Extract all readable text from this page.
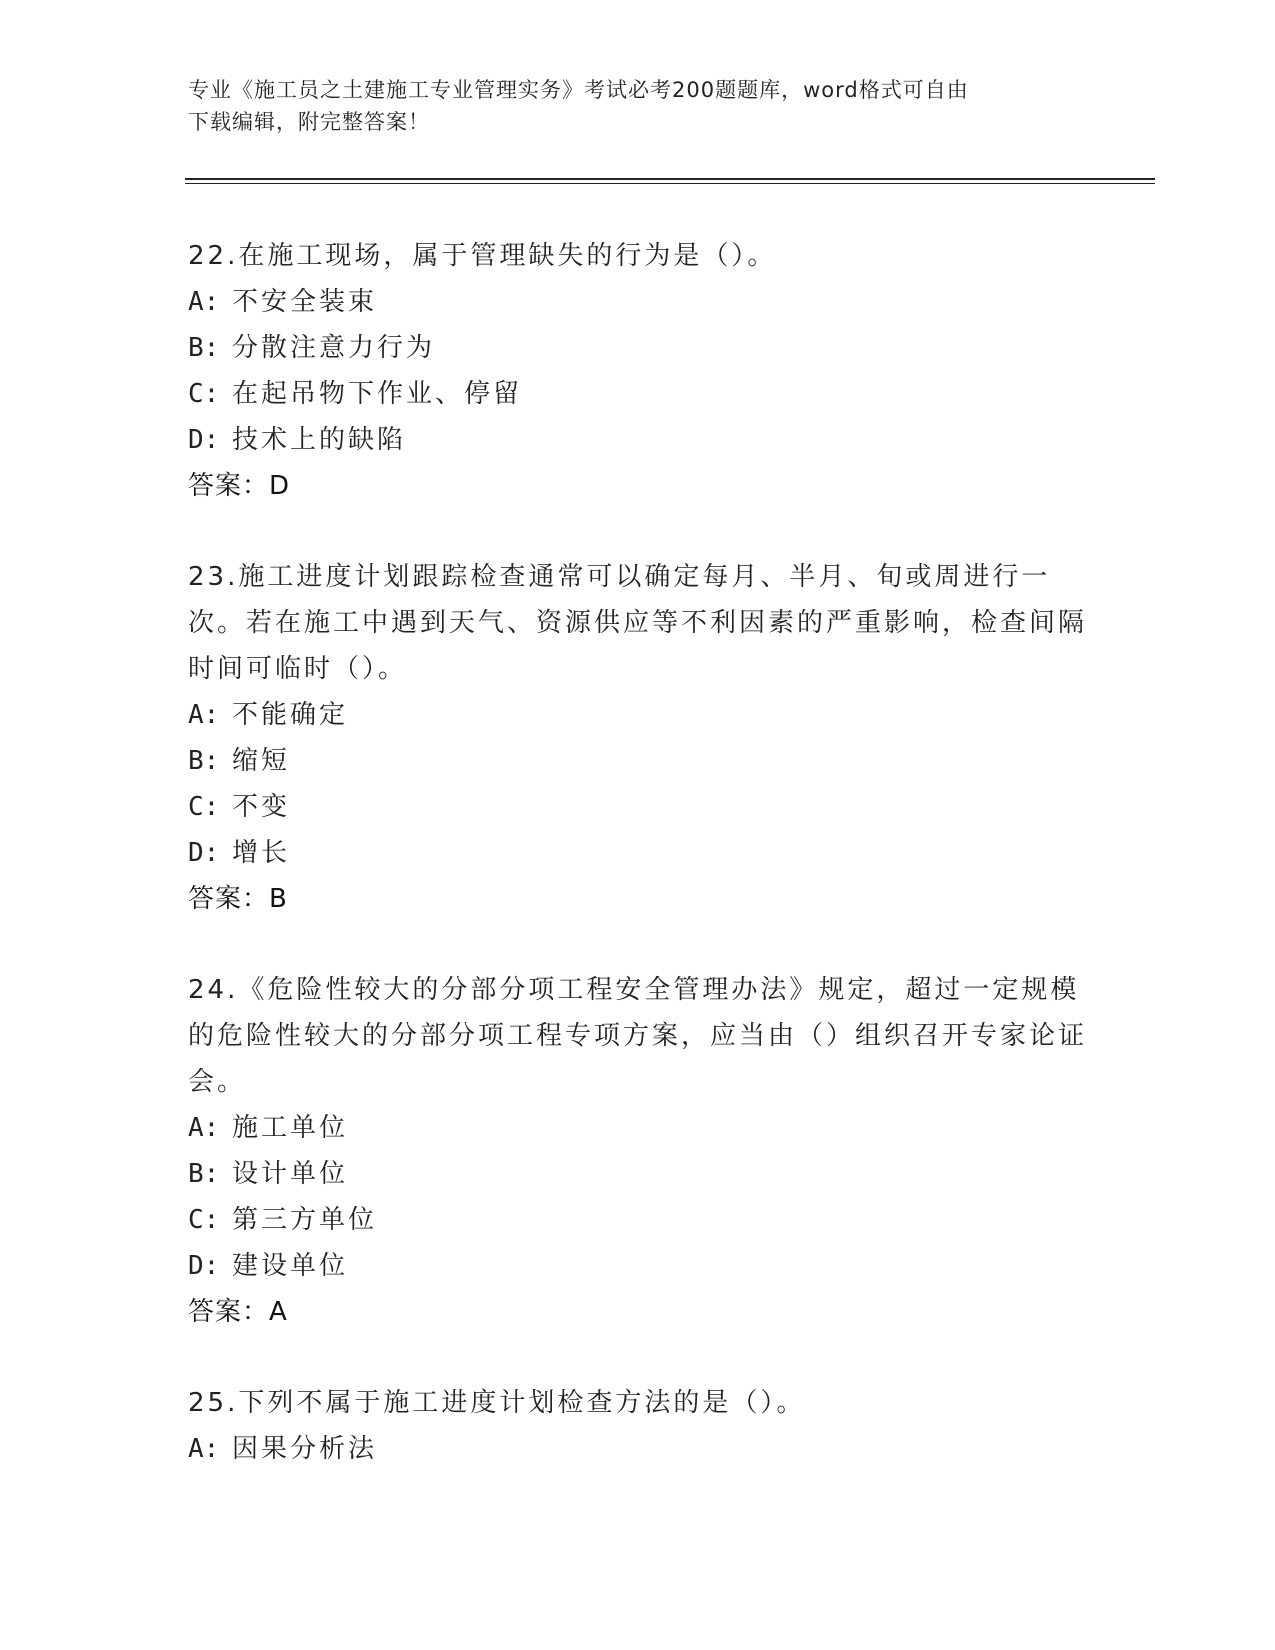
专业《施工员之土建施工专业管理实务》考试必考200题题库，word格式可自由
下载编辑，附完整答案！

22.在施工现场，属于管理缺失的行为是（）。

A: 不安全装束
B: 分散注意力行为
C: 在起吊物下作业、停留
D: 技术上的缺陷
答案：D

23.施工进度计划跟踪检查通常可以确定每月、半月、旬或周进行一次。若在施工中遇到天气、资源供应等不利因素的严重影响，检查间隔时间可临时（）。

A: 不能确定
B: 缩短
C: 不变
D: 增长
答案：B

24.《危险性较大的分部分项工程安全管理办法》规定，超过一定规模的危险性较大的分部分项工程专项方案，应当由（）组织召开专家论证会。

A: 施工单位
B: 设计单位
C: 第三方单位
D: 建设单位
答案：A

25.下列不属于施工进度计划检查方法的是（）。

A: 因果分析法
